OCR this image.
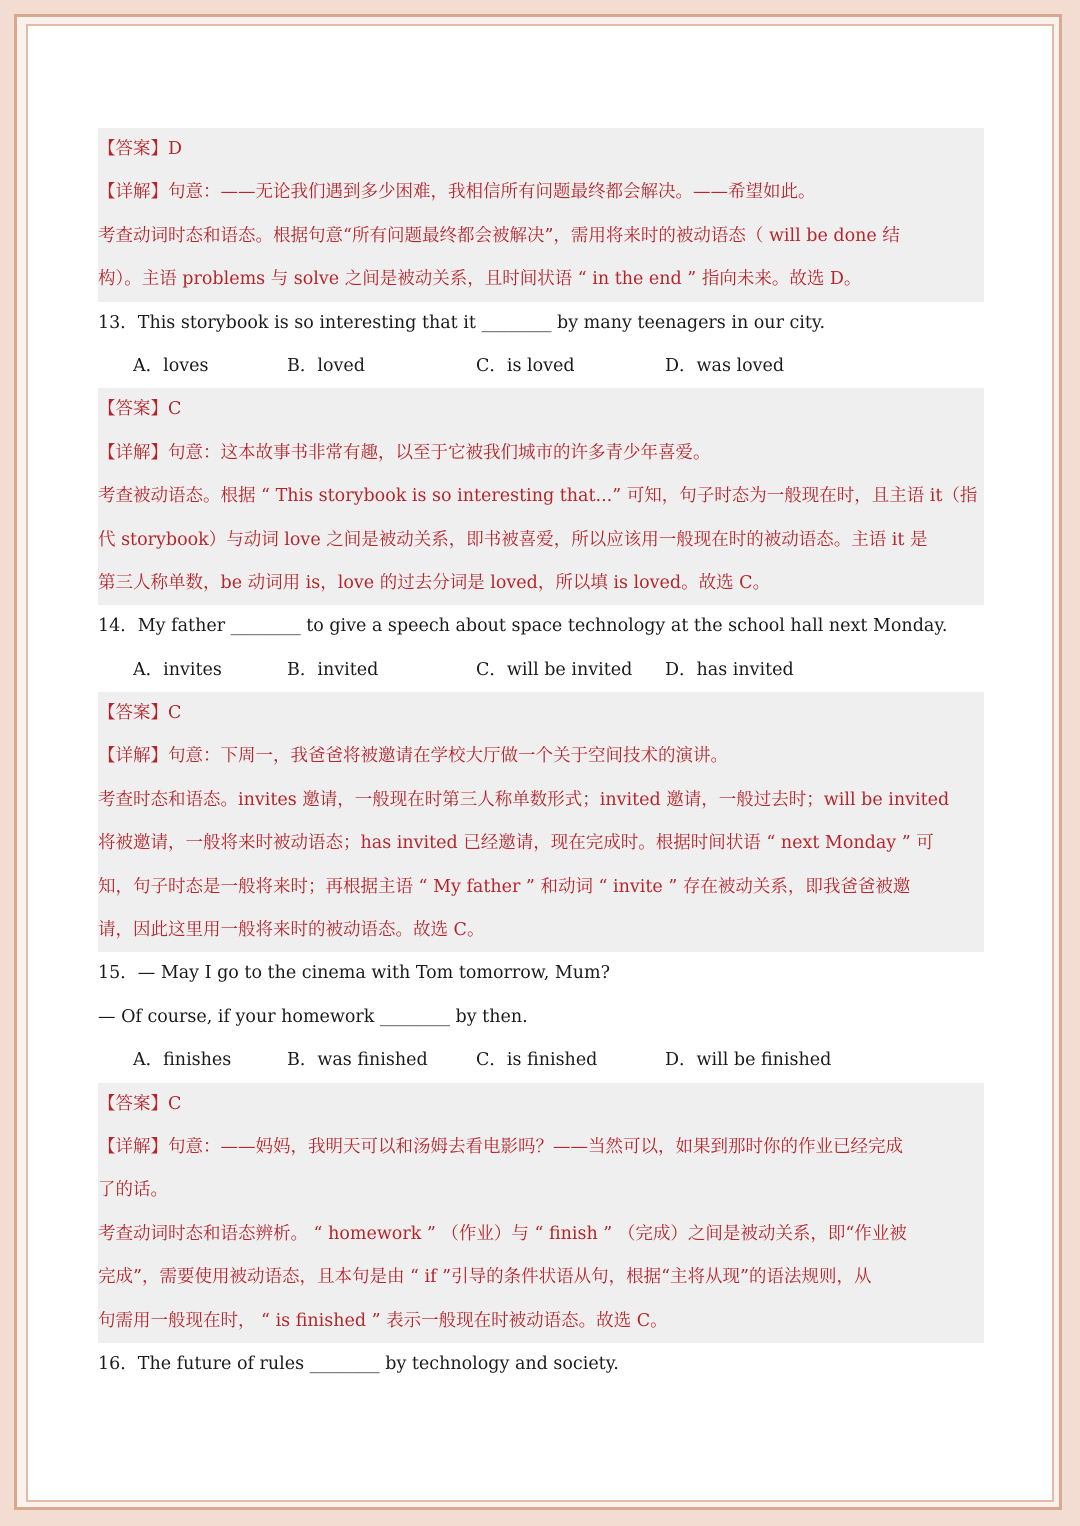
【答案】D
【详解】句意：——无论我们遇到多少困难，我相信所有问题最终都会解决。——希望如此。
考查动词时态和语态。根据句意“所有问题最终都会被解决”，需用将来时的被动语态（ will be done 结
构）。主语 problems 与 solve 之间是被动关系，且时间状语 “ in the end ” 指向未来。故选 D。
13．This storybook is so interesting that it ________ by many teenagers in our city.
A．loves	B．loved	C．is loved	D．was loved
【答案】C
【详解】句意：这本故事书非常有趣，以至于它被我们城市的许多青少年喜爱。
考查被动语态。根据 “ This storybook is so interesting that...” 可知，句子时态为一般现在时，且主语 it（指
代 storybook）与动词 love 之间是被动关系，即书被喜爱，所以应该用一般现在时的被动语态。主语 it 是
第三人称单数，be 动词用 is，love 的过去分词是 loved，所以填 is loved。故选 C。
14．My father ________ to give a speech about space technology at the school hall next Monday.
A．invites	B．invited	C．will be invited	D．has invited
【答案】C
【详解】句意：下周一，我爸爸将被邀请在学校大厅做一个关于空间技术的演讲。
考查时态和语态。invites 邀请，一般现在时第三人称单数形式；invited 邀请，一般过去时；will be invited
将被邀请，一般将来时被动语态；has invited 已经邀请，现在完成时。根据时间状语 “ next Monday ” 可
知，句子时态是一般将来时；再根据主语 “ My father ” 和动词 “ invite ” 存在被动关系，即我爸爸被邀
请，因此这里用一般将来时的被动语态。故选 C。
15．— May I go to the cinema with Tom tomorrow, Mum?
— Of course, if your homework ________ by then.
A．finishes	B．was finished	C．is finished	D．will be finished
【答案】C
【详解】句意：——妈妈，我明天可以和汤姆去看电影吗？——当然可以，如果到那时你的作业已经完成
了的话。
考查动词时态和语态辨析。 “ homework ” （作业）与 “ finish ” （完成）之间是被动关系，即“作业被
完成”，需要使用被动语态，且本句是由 “ if ”引导的条件状语从句，根据“主将从现”的语法规则，从
句需用一般现在时， “ is finished ” 表示一般现在时被动语态。故选 C。
16．The future of rules ________ by technology and society.
